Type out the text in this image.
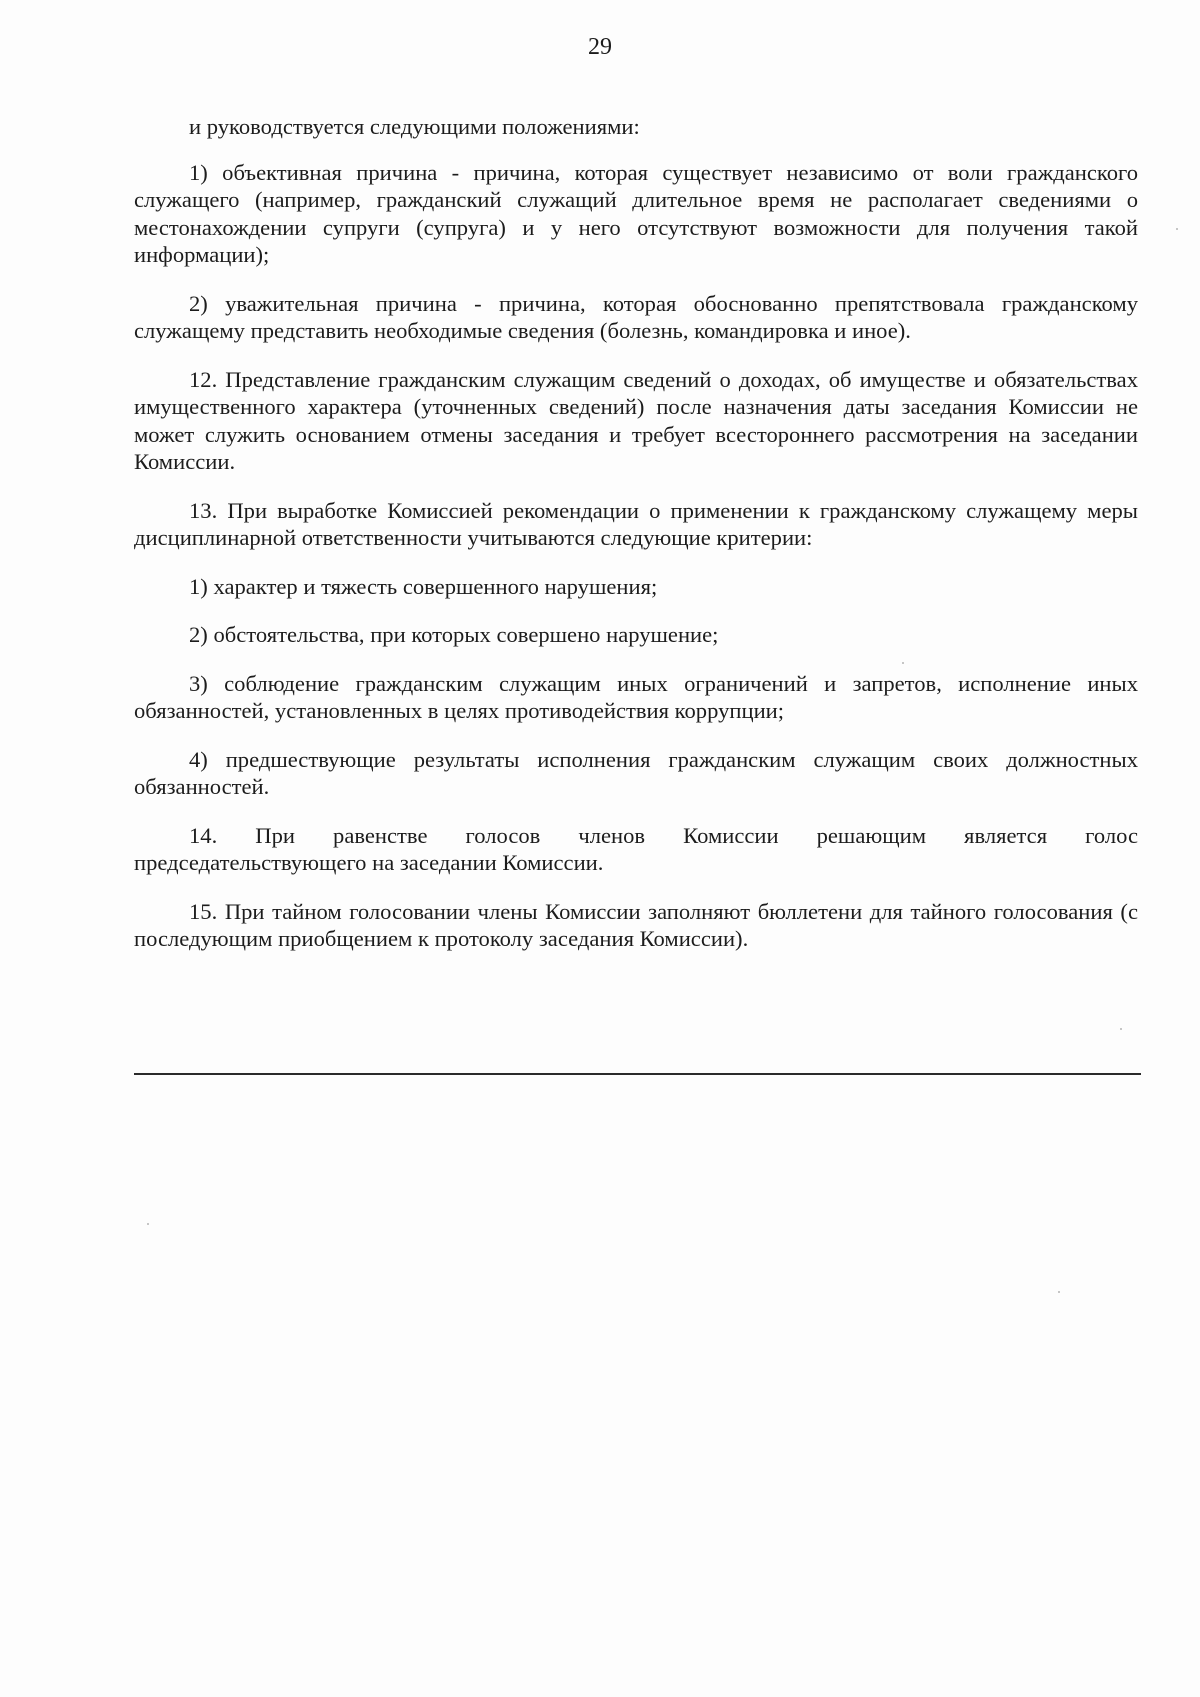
29

и руководствуется следующими положениями:

1) объективная причина - причина, которая существует независимо от воли гражданского служащего (например, гражданский служащий длительное время не располагает сведениями о местонахождении супруги (супруга) и у него отсутствуют возможности для получения такой информации);

2) уважительная причина - причина, которая обоснованно препятствовала гражданскому служащему представить необходимые сведения (болезнь, командировка и иное).

12. Представление гражданским служащим сведений о доходах, об имуществе и обязательствах имущественного характера (уточненных сведений) после назначения даты заседания Комиссии не может служить основанием отмены заседания и требует всестороннего рассмотрения на заседании Комиссии.

13. При выработке Комиссией рекомендации о применении к гражданскому служащему меры дисциплинарной ответственности учитываются следующие критерии:

1) характер и тяжесть совершенного нарушения;

2) обстоятельства, при которых совершено нарушение;

3) соблюдение гражданским служащим иных ограничений и запретов, исполнение иных обязанностей, установленных в целях противодействия коррупции;

4) предшествующие результаты исполнения гражданским служащим своих должностных обязанностей.

14. При равенстве голосов членов Комиссии решающим является голос

председательствующего на заседании Комиссии.

15. При тайном голосовании члены Комиссии заполняют бюллетени для тайного голосования (с последующим приобщением к протоколу заседания Комиссии).
